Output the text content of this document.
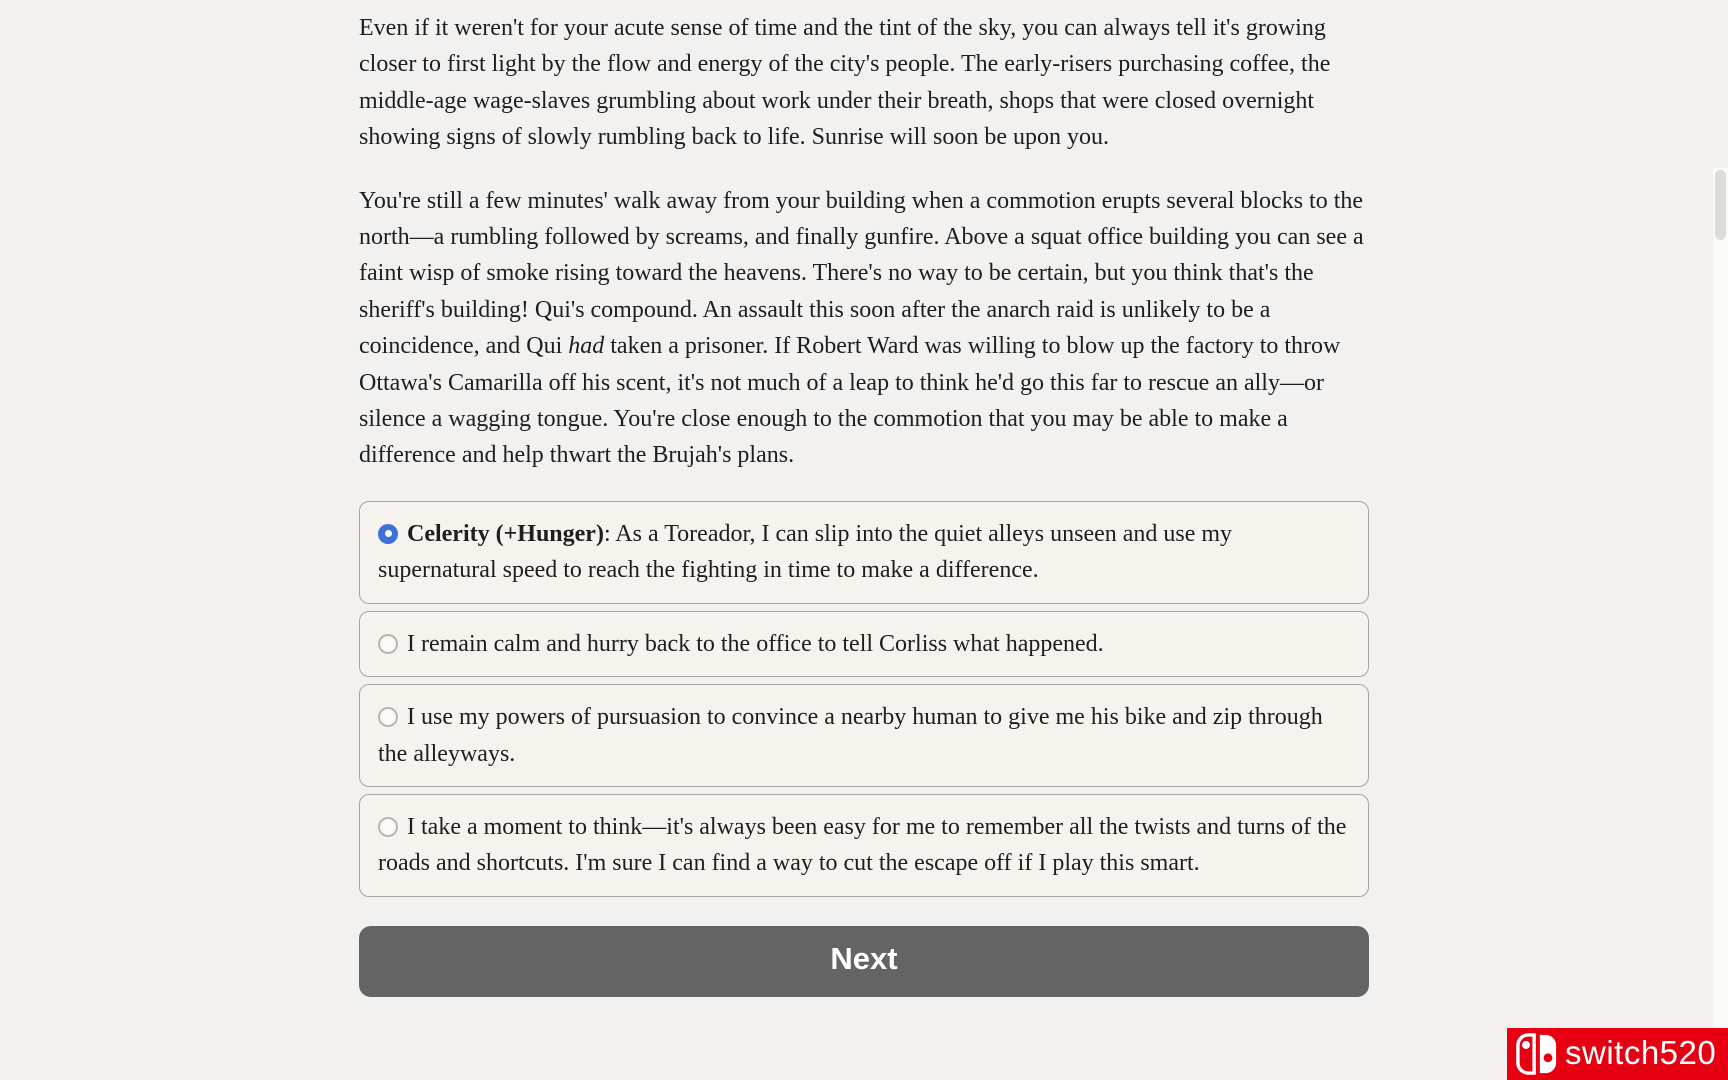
Even if it weren't for your acute sense of time and the tint of the sky, you can always tell it's growing closer to first light by the flow and energy of the city's people. The early-risers purchasing coffee, the middle-age wage-slaves grumbling about work under their breath, shops that were closed overnight showing signs of slowly rumbling back to life. Sunrise will soon be upon you.

You're still a few minutes' walk away from your building when a commotion erupts several blocks to the north—a rumbling followed by screams, and finally gunfire. Above a squat office building you can see a faint wisp of smoke rising toward the heavens. There's no way to be certain, but you think that's the sheriff's building! Qui's compound. An assault this soon after the anarch raid is unlikely to be a coincidence, and Qui had taken a prisoner. If Robert Ward was willing to blow up the factory to throw Ottawa's Camarilla off his scent, it's not much of a leap to think he'd go this far to rescue an ally—or silence a wagging tongue. You're close enough to the commotion that you may be able to make a difference and help thwart the Brujah's plans.

Celerity (+Hunger): As a Toreador, I can slip into the quiet alleys unseen and use my supernatural speed to reach the fighting in time to make a difference.
I remain calm and hurry back to the office to tell Corliss what happened.
I use my powers of pursuasion to convince a nearby human to give me his bike and zip through the alleyways.
I take a moment to think—it's always been easy for me to remember all the twists and turns of the roads and shortcuts. I'm sure I can find a way to cut the escape off if I play this smart.
Next
switch520
